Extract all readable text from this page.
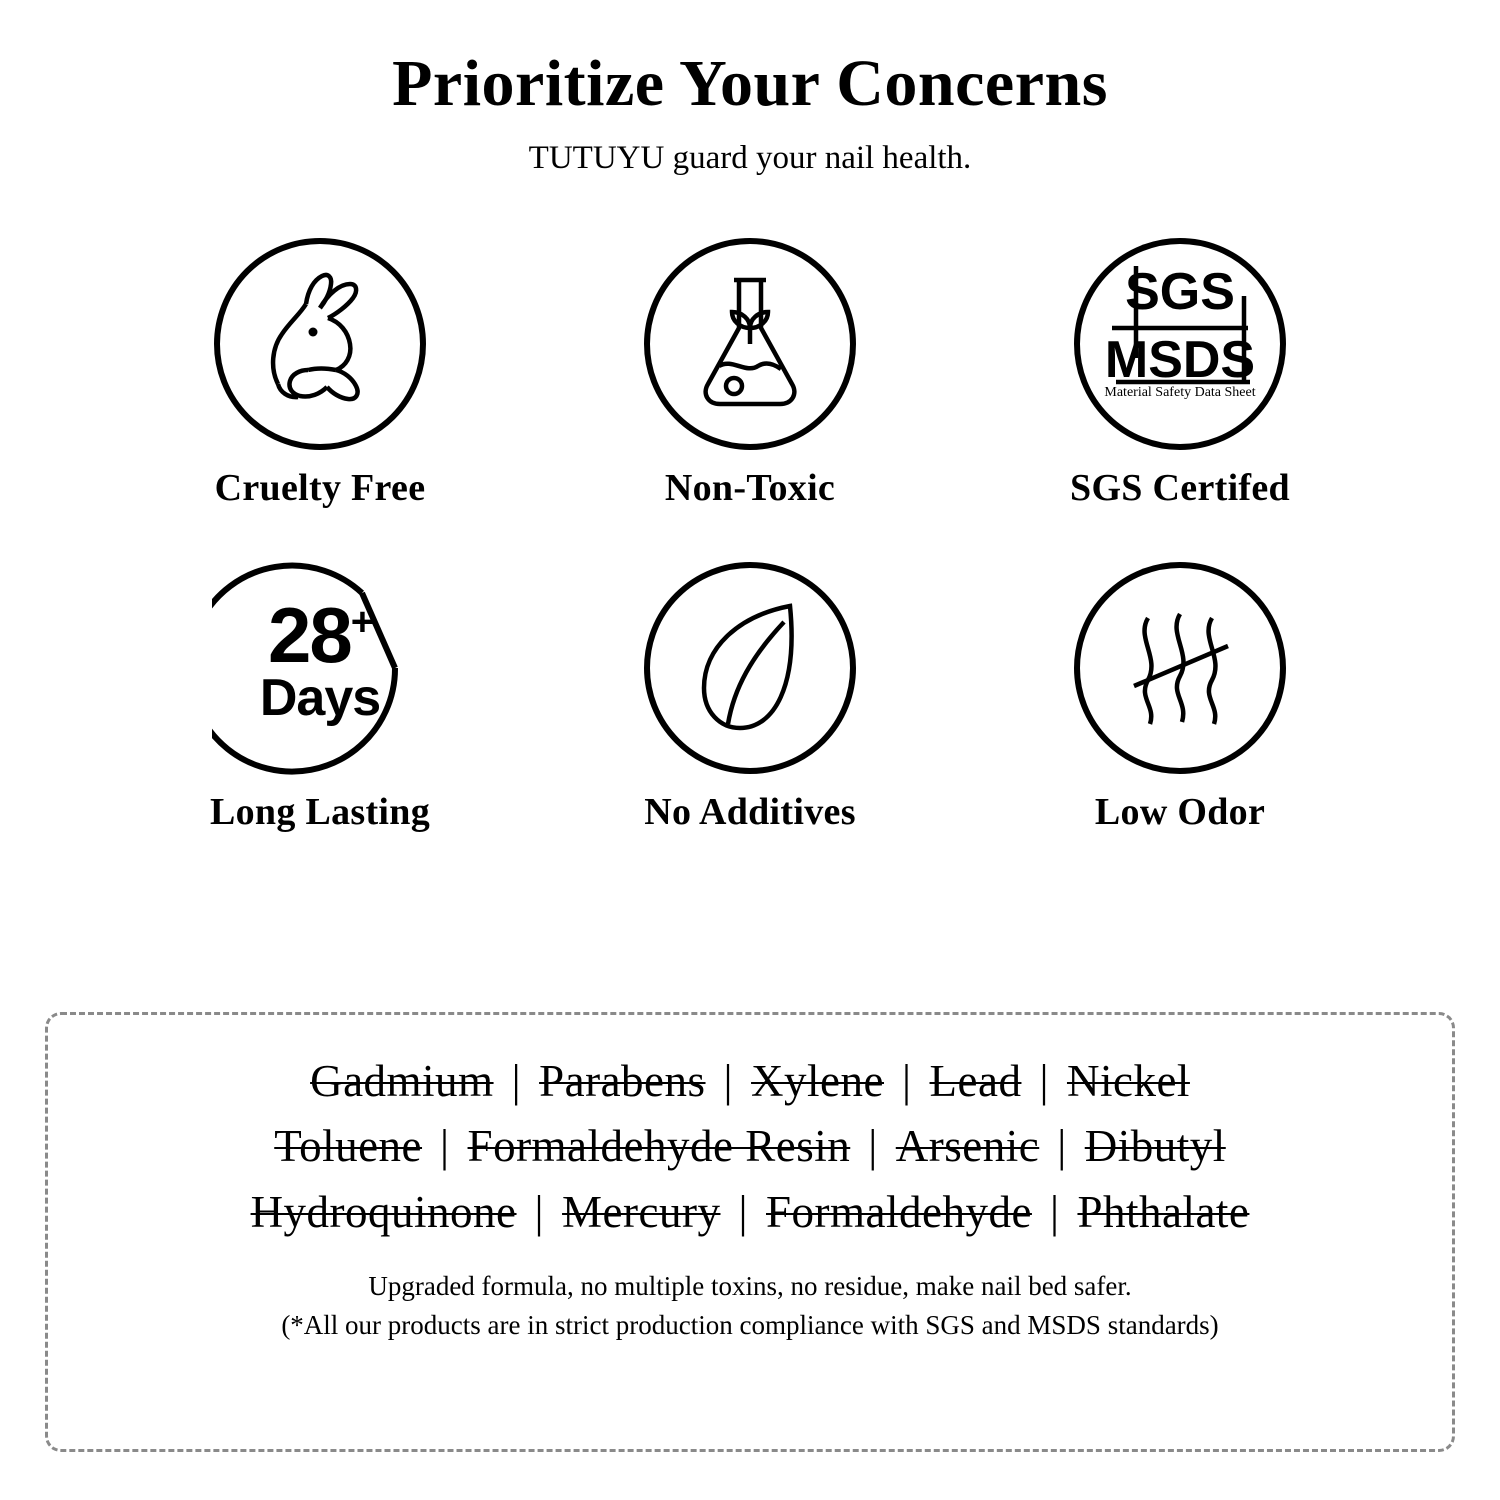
Prioritize Your Concerns

TUTUYU guard your nail health.

Cruelty Free	Non-Toxic
SGS
MSDS
Material Safety Data Sheet
SGS Certifed
28+
Days
Long Lasting	No Additives	Low Odor
Gadmium | Parabens | Xylene | Lead | Nickel
Toluene | Formaldehyde Resin | Arsenic | Dibutyl
Hydroquinone | Mercury | Formaldehyde | Phthalate
Upgraded formula, no multiple toxins, no residue, make nail bed safer.
(*All our products are in strict production compliance with SGS and MSDS standards)
